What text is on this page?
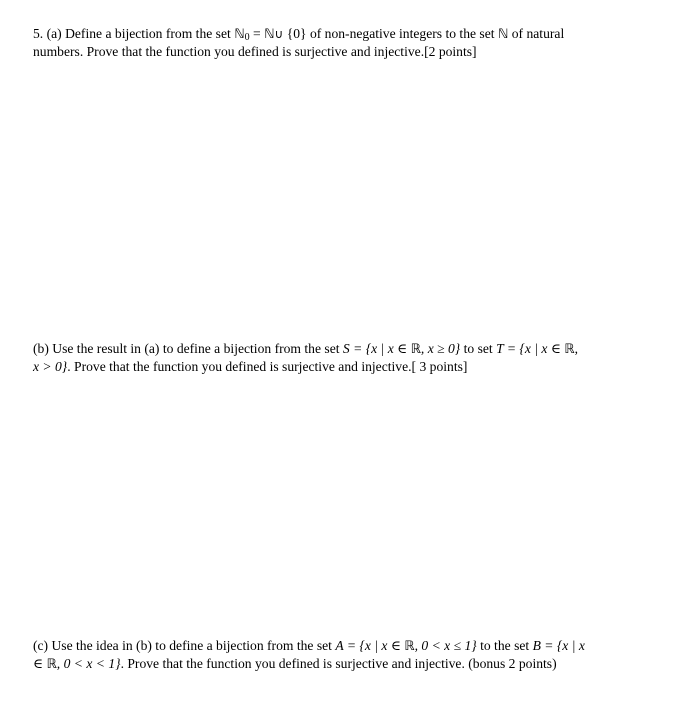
5. (a) Define a bijection from the set ℕ$_0$ = ℕ∪ {0} of non-negative integers to the set ℕ of natural
numbers. Prove that the function you defined is surjective and injective.[2 points]
(b) Use the result in (a) to define a bijection from the set S = {x | x ∈ ℝ, x ≥ 0} to set T = {x | x ∈ ℝ,
x > 0}. Prove that the function you defined is surjective and injective.[ 3 points]
(c) Use the idea in (b) to define a bijection from the set A = {x | x ∈ ℝ, 0 < x ≤ 1} to the set B = {x | x
∈ ℝ, 0 < x < 1}. Prove that the function you defined is surjective and injective. (bonus 2 points)
